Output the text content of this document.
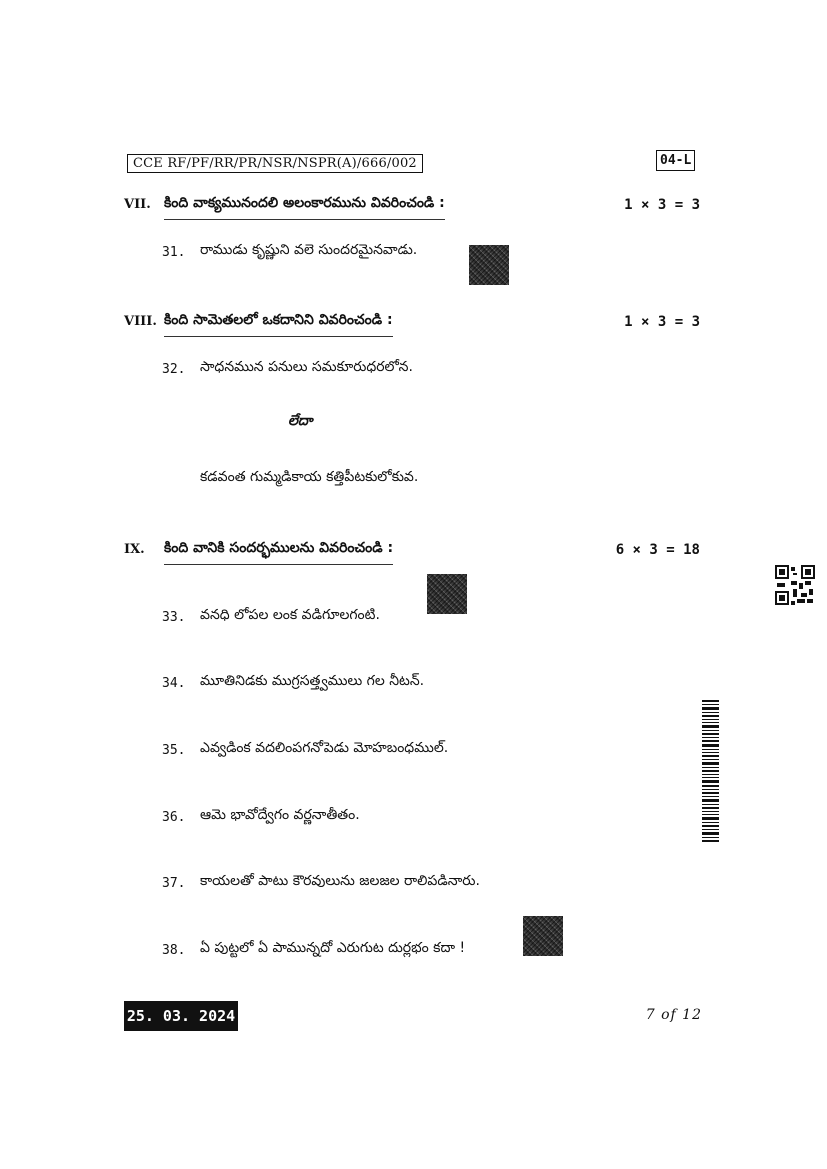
CCE RF/PF/RR/PR/NSR/NSPR(A)/666/002	04-L
VII. కింది వాక్యమునందలి అలంకారమును వివరించండి :	1 × 3 = 3
31. రాముడు కృష్ణుని వలె సుందరమైనవాడు.
VIII. కింది సామెతలలో ఒకదానిని వివరించండి :	1 × 3 = 3
32. సాధనమున పనులు సమకూరుధరలోన.
లేదా
కడవంత గుమ్మడికాయ కత్తిపీటకులోకువ.
IX. కింది వానికి సందర్భములను వివరించండి :	6 × 3 = 18
33. వనధి లోపల లంక వడిగూలగంటి.
34. మూతినిడకు ముగ్రసత్త్వములు గల నీటన్.
35. ఎవ్వడింక వదలింపగనోపెడు మోహబంధముల్.
36. ఆమె భావోద్వేగం వర్ణనాతీతం.
37. కాయలతో పాటు కౌరవులును జలజల రాలిపడినారు.
38. ఏ పుట్టలో ఏ పామున్నదో ఎరుగుట దుర్లభం కదా !
25. 03. 2024	7 of 12
